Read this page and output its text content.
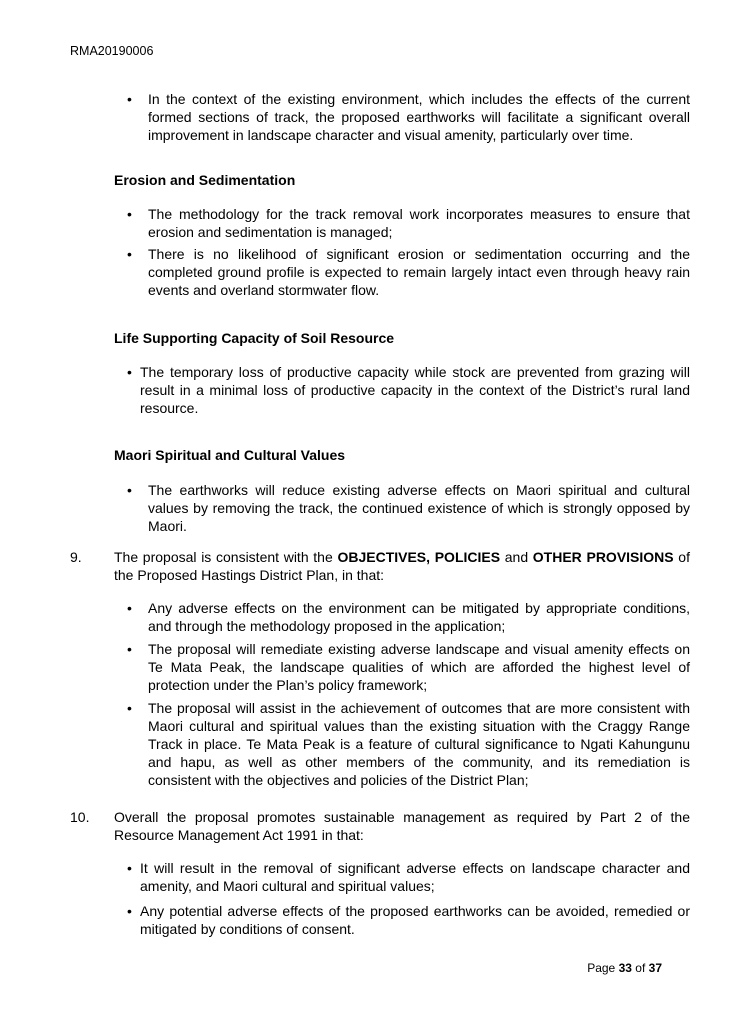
RMA20190006
• In the context of the existing environment, which includes the effects of the current formed sections of track, the proposed earthworks will facilitate a significant overall improvement in landscape character and visual amenity, particularly over time.
Erosion and Sedimentation
• The methodology for the track removal work incorporates measures to ensure that erosion and sedimentation is managed;
• There is no likelihood of significant erosion or sedimentation occurring and the completed ground profile is expected to remain largely intact even through heavy rain events and overland stormwater flow.
Life Supporting Capacity of Soil Resource
• The temporary loss of productive capacity while stock are prevented from grazing will result in a minimal loss of productive capacity in the context of the District’s rural land resource.
Maori Spiritual and Cultural Values
• The earthworks will reduce existing adverse effects on Maori spiritual and cultural values by removing the track, the continued existence of which is strongly opposed by Maori.
9. The proposal is consistent with the OBJECTIVES, POLICIES and OTHER PROVISIONS of the Proposed Hastings District Plan, in that:
• Any adverse effects on the environment can be mitigated by appropriate conditions, and through the methodology proposed in the application;
• The proposal will remediate existing adverse landscape and visual amenity effects on Te Mata Peak, the landscape qualities of which are afforded the highest level of protection under the Plan’s policy framework;
• The proposal will assist in the achievement of outcomes that are more consistent with Maori cultural and spiritual values than the existing situation with the Craggy Range Track in place. Te Mata Peak is a feature of cultural significance to Ngati Kahungunu and hapu, as well as other members of the community, and its remediation is consistent with the objectives and policies of the District Plan;
10. Overall the proposal promotes sustainable management as required by Part 2 of the Resource Management Act 1991 in that:
• It will result in the removal of significant adverse effects on landscape character and amenity, and Maori cultural and spiritual values;
• Any potential adverse effects of the proposed earthworks can be avoided, remedied or mitigated by conditions of consent.
Page 33 of 37
